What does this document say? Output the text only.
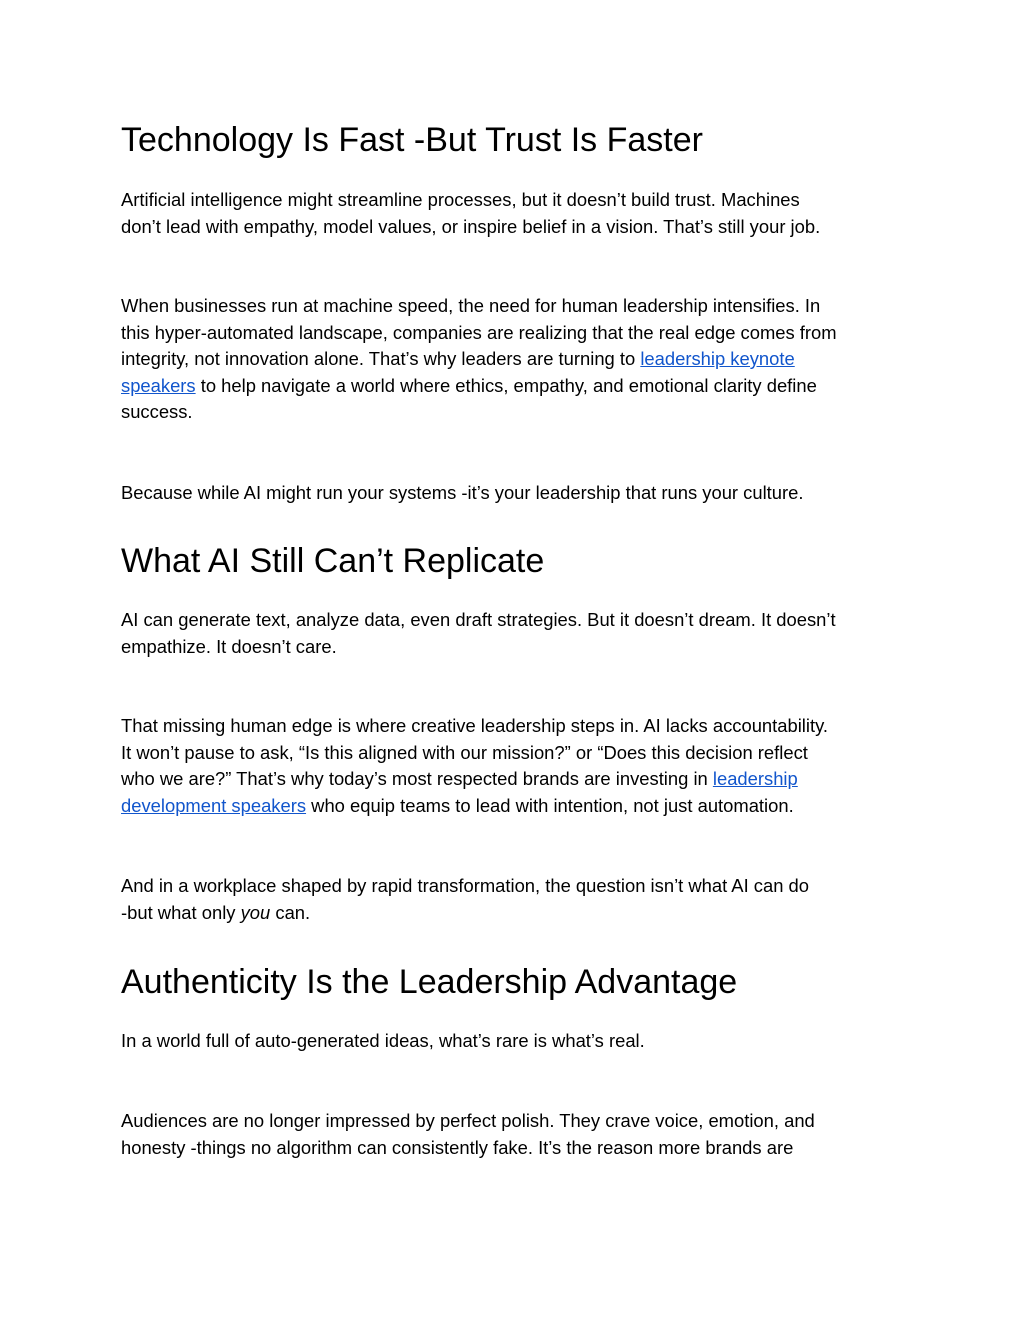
Technology Is Fast -But Trust Is Faster

Artificial intelligence might streamline processes, but it doesn’t build trust. Machines
don’t lead with empathy, model values, or inspire belief in a vision. That’s still your job.

When businesses run at machine speed, the need for human leadership intensifies. In
this hyper-automated landscape, companies are realizing that the real edge comes from
integrity, not innovation alone. That’s why leaders are turning to leadership keynote
speakers to help navigate a world where ethics, empathy, and emotional clarity define
success.

Because while AI might run your systems -it’s your leadership that runs your culture.

What AI Still Can’t Replicate

AI can generate text, analyze data, even draft strategies. But it doesn’t dream. It doesn’t
empathize. It doesn’t care.

That missing human edge is where creative leadership steps in. AI lacks accountability.
It won’t pause to ask, “Is this aligned with our mission?” or “Does this decision reflect
who we are?” That’s why today’s most respected brands are investing in leadership
development speakers who equip teams to lead with intention, not just automation.

And in a workplace shaped by rapid transformation, the question isn’t what AI can do
-but what only you can.

Authenticity Is the Leadership Advantage

In a world full of auto-generated ideas, what’s rare is what’s real.

Audiences are no longer impressed by perfect polish. They crave voice, emotion, and
honesty -things no algorithm can consistently fake. It’s the reason more brands are
